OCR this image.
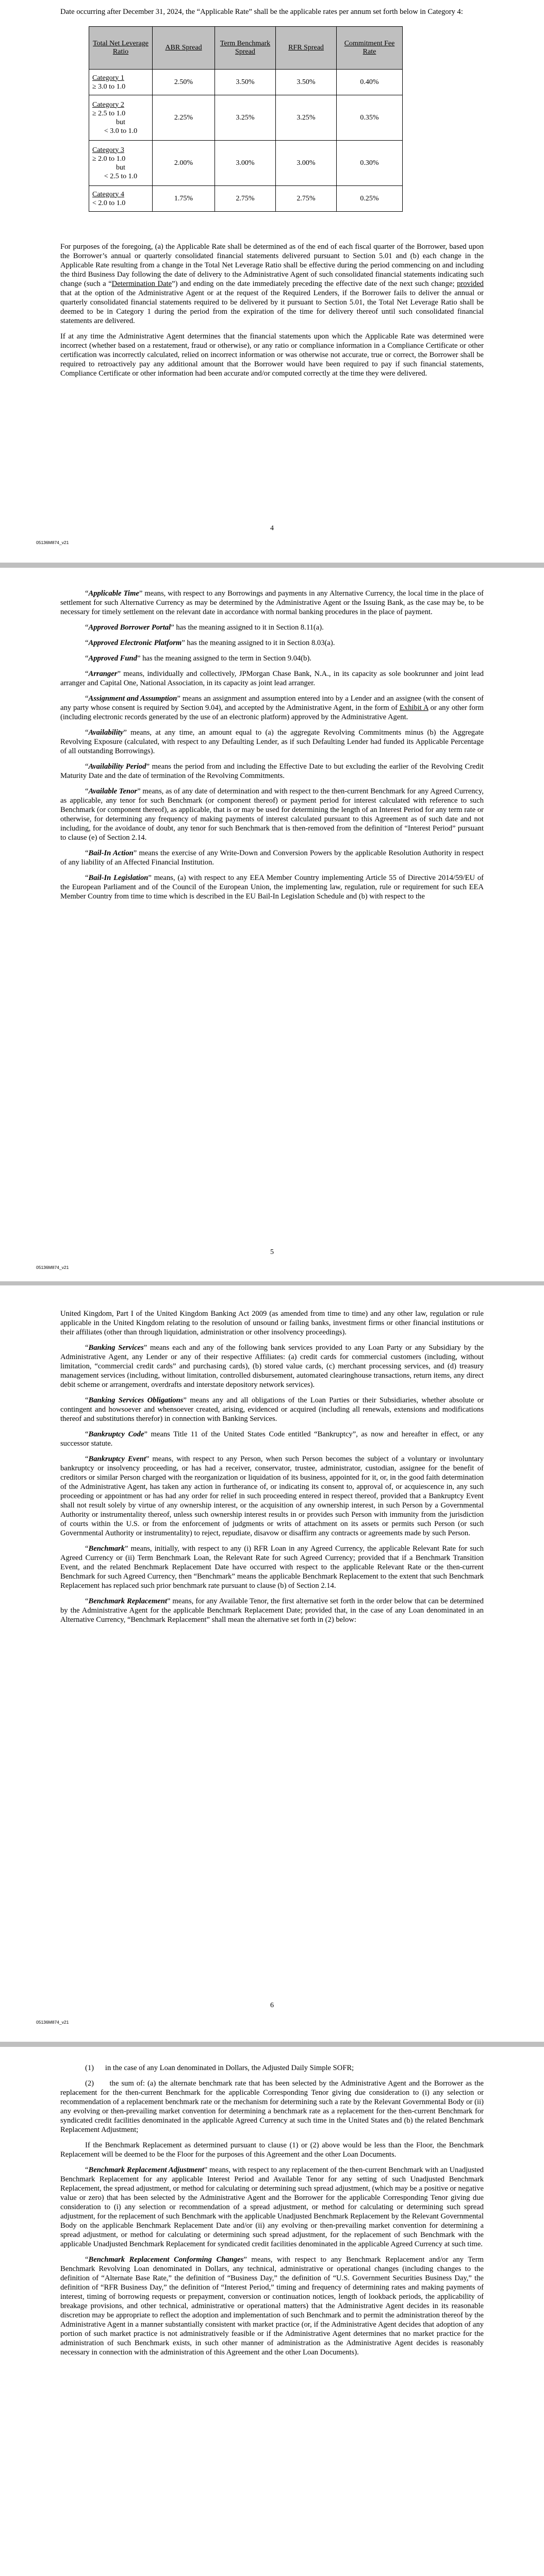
Date occurring after December 31, 2024, the “Applicable Rate” shall be the applicable rates per annum set forth below in Category 4:

Total Net Leverage Ratio	ABR Spread	Term Benchmark Spread	RFR Spread	Commitment Fee Rate
Category 1
≥ 3.0 to 1.0	2.50%	3.50%	3.50%	0.40%
Category 2
≥ 2.5 to 1.0
but
< 3.0 to 1.0	2.25%	3.25%	3.25%	0.35%
Category 3
≥ 2.0 to 1.0
but
< 2.5 to 1.0	2.00%	3.00%	3.00%	0.30%
Category 4
< 2.0 to 1.0	1.75%	2.75%	2.75%	0.25%

For purposes of the foregoing, (a) the Applicable Rate shall be determined as of the end of each fiscal quarter of the Borrower, based upon the Borrower’s annual or quarterly consolidated financial statements delivered pursuant to Section 5.01 and (b) each change in the Applicable Rate resulting from a change in the Total Net Leverage Ratio shall be effective during the period commencing on and including the third Business Day following the date of delivery to the Administrative Agent of such consolidated financial statements indicating such change (such a “Determination Date”) and ending on the date immediately preceding the effective date of the next such change; provided that at the option of the Administrative Agent or at the request of the Required Lenders, if the Borrower fails to deliver the annual or quarterly consolidated financial statements required to be delivered by it pursuant to Section 5.01, the Total Net Leverage Ratio shall be deemed to be in Category 1 during the period from the expiration of the time for delivery thereof until such consolidated financial statements are delivered.

If at any time the Administrative Agent determines that the financial statements upon which the Applicable Rate was determined were incorrect (whether based on a restatement, fraud or otherwise), or any ratio or compliance information in a Compliance Certificate or other certification was incorrectly calculated, relied on incorrect information or was otherwise not accurate, true or correct, the Borrower shall be required to retroactively pay any additional amount that the Borrower would have been required to pay if such financial statements, Compliance Certificate or other information had been accurate and/or computed correctly at the time they were delivered.

4
05136M874_v21

“Applicable Time” means, with respect to any Borrowings and payments in any Alternative Currency, the local time in the place of settlement for such Alternative Currency as may be determined by the Administrative Agent or the Issuing Bank, as the case may be, to be necessary for timely settlement on the relevant date in accordance with normal banking procedures in the place of payment.

“Approved Borrower Portal” has the meaning assigned to it in Section 8.11(a).

“Approved Electronic Platform” has the meaning assigned to it in Section 8.03(a).

“Approved Fund” has the meaning assigned to the term in Section 9.04(b).

“Arranger” means, individually and collectively, JPMorgan Chase Bank, N.A., in its capacity as sole bookrunner and joint lead arranger and Capital One, National Association, in its capacity as joint lead arranger.

“Assignment and Assumption” means an assignment and assumption entered into by a Lender and an assignee (with the consent of any party whose consent is required by Section 9.04), and accepted by the Administrative Agent, in the form of Exhibit A or any other form (including electronic records generated by the use of an electronic platform) approved by the Administrative Agent.

“Availability” means, at any time, an amount equal to (a) the aggregate Revolving Commitments minus (b) the Aggregate Revolving Exposure (calculated, with respect to any Defaulting Lender, as if such Defaulting Lender had funded its Applicable Percentage of all outstanding Borrowings).

“Availability Period” means the period from and including the Effective Date to but excluding the earlier of the Revolving Credit Maturity Date and the date of termination of the Revolving Commitments.

“Available Tenor” means, as of any date of determination and with respect to the then-current Benchmark for any Agreed Currency, as applicable, any tenor for such Benchmark (or component thereof) or payment period for interest calculated with reference to such Benchmark (or component thereof), as applicable, that is or may be used for determining the length of an Interest Period for any term rate or otherwise, for determining any frequency of making payments of interest calculated pursuant to this Agreement as of such date and not including, for the avoidance of doubt, any tenor for such Benchmark that is then-removed from the definition of “Interest Period” pursuant to clause (e) of Section 2.14.

“Bail-In Action” means the exercise of any Write-Down and Conversion Powers by the applicable Resolution Authority in respect of any liability of an Affected Financial Institution.

“Bail-In Legislation” means, (a) with respect to any EEA Member Country implementing Article 55 of Directive 2014/59/EU of the European Parliament and of the Council of the European Union, the implementing law, regulation, rule or requirement for such EEA Member Country from time to time which is described in the EU Bail-In Legislation Schedule and (b) with respect to the

5
05136M874_v21

United Kingdom, Part I of the United Kingdom Banking Act 2009 (as amended from time to time) and any other law, regulation or rule applicable in the United Kingdom relating to the resolution of unsound or failing banks, investment firms or other financial institutions or their affiliates (other than through liquidation, administration or other insolvency proceedings).

“Banking Services” means each and any of the following bank services provided to any Loan Party or any Subsidiary by the Administrative Agent, any Lender or any of their respective Affiliates: (a) credit cards for commercial customers (including, without limitation, “commercial credit cards” and purchasing cards), (b) stored value cards, (c) merchant processing services, and (d) treasury management services (including, without limitation, controlled disbursement, automated clearinghouse transactions, return items, any direct debit scheme or arrangement, overdrafts and interstate depository network services).

“Banking Services Obligations” means any and all obligations of the Loan Parties or their Subsidiaries, whether absolute or contingent and howsoever and whensoever created, arising, evidenced or acquired (including all renewals, extensions and modifications thereof and substitutions therefor) in connection with Banking Services.

“Bankruptcy Code” means Title 11 of the United States Code entitled “Bankruptcy”, as now and hereafter in effect, or any successor statute.

“Bankruptcy Event” means, with respect to any Person, when such Person becomes the subject of a voluntary or involuntary bankruptcy or insolvency proceeding, or has had a receiver, conservator, trustee, administrator, custodian, assignee for the benefit of creditors or similar Person charged with the reorganization or liquidation of its business, appointed for it, or, in the good faith determination of the Administrative Agent, has taken any action in furtherance of, or indicating its consent to, approval of, or acquiescence in, any such proceeding or appointment or has had any order for relief in such proceeding entered in respect thereof, provided that a Bankruptcy Event shall not result solely by virtue of any ownership interest, or the acquisition of any ownership interest, in such Person by a Governmental Authority or instrumentality thereof, unless such ownership interest results in or provides such Person with immunity from the jurisdiction of courts within the U.S. or from the enforcement of judgments or writs of attachment on its assets or permits such Person (or such Governmental Authority or instrumentality) to reject, repudiate, disavow or disaffirm any contracts or agreements made by such Person.

“Benchmark” means, initially, with respect to any (i) RFR Loan in any Agreed Currency, the applicable Relevant Rate for such Agreed Currency or (ii) Term Benchmark Loan, the Relevant Rate for such Agreed Currency; provided that if a Benchmark Transition Event, and the related Benchmark Replacement Date have occurred with respect to the applicable Relevant Rate or the then-current Benchmark for such Agreed Currency, then “Benchmark” means the applicable Benchmark Replacement to the extent that such Benchmark Replacement has replaced such prior benchmark rate pursuant to clause (b) of Section 2.14.

“Benchmark Replacement” means, for any Available Tenor, the first alternative set forth in the order below that can be determined by the Administrative Agent for the applicable Benchmark Replacement Date; provided that, in the case of any Loan denominated in an Alternative Currency, “Benchmark Replacement” shall mean the alternative set forth in (2) below:

6
05136M874_v21

(1)      in the case of any Loan denominated in Dollars, the Adjusted Daily Simple SOFR;

(2)      the sum of: (a) the alternate benchmark rate that has been selected by the Administrative Agent and the Borrower as the replacement for the then-current Benchmark for the applicable Corresponding Tenor giving due consideration to (i) any selection or recommendation of a replacement benchmark rate or the mechanism for determining such a rate by the Relevant Governmental Body or (ii) any evolving or then-prevailing market convention for determining a benchmark rate as a replacement for the then-current Benchmark for syndicated credit facilities denominated in the applicable Agreed Currency at such time in the United States and (b) the related Benchmark Replacement Adjustment;

If the Benchmark Replacement as determined pursuant to clause (1) or (2) above would be less than the Floor, the Benchmark Replacement will be deemed to be the Floor for the purposes of this Agreement and the other Loan Documents.

“Benchmark Replacement Adjustment” means, with respect to any replacement of the then-current Benchmark with an Unadjusted Benchmark Replacement for any applicable Interest Period and Available Tenor for any setting of such Unadjusted Benchmark Replacement, the spread adjustment, or method for calculating or determining such spread adjustment, (which may be a positive or negative value or zero) that has been selected by the Administrative Agent and the Borrower for the applicable Corresponding Tenor giving due consideration to (i) any selection or recommendation of a spread adjustment, or method for calculating or determining such spread adjustment, for the replacement of such Benchmark with the applicable Unadjusted Benchmark Replacement by the Relevant Governmental Body on the applicable Benchmark Replacement Date and/or (ii) any evolving or then-prevailing market convention for determining a spread adjustment, or method for calculating or determining such spread adjustment, for the replacement of such Benchmark with the applicable Unadjusted Benchmark Replacement for syndicated credit facilities denominated in the applicable Agreed Currency at such time.

“Benchmark Replacement Conforming Changes” means, with respect to any Benchmark Replacement and/or any Term Benchmark Revolving Loan denominated in Dollars, any technical, administrative or operational changes (including changes to the definition of “Alternate Base Rate,” the definition of “Business Day,” the definition of “U.S. Government Securities Business Day,” the definition of “RFR Business Day,” the definition of “Interest Period,” timing and frequency of determining rates and making payments of interest, timing of borrowing requests or prepayment, conversion or continuation notices, length of lookback periods, the applicability of breakage provisions, and other technical, administrative or operational matters) that the Administrative Agent decides in its reasonable discretion may be appropriate to reflect the adoption and implementation of such Benchmark and to permit the administration thereof by the Administrative Agent in a manner substantially consistent with market practice (or, if the Administrative Agent decides that adoption of any portion of such market practice is not administratively feasible or if the Administrative Agent determines that no market practice for the administration of such Benchmark exists, in such other manner of administration as the Administrative Agent decides is reasonably necessary in connection with the administration of this Agreement and the other Loan Documents).
